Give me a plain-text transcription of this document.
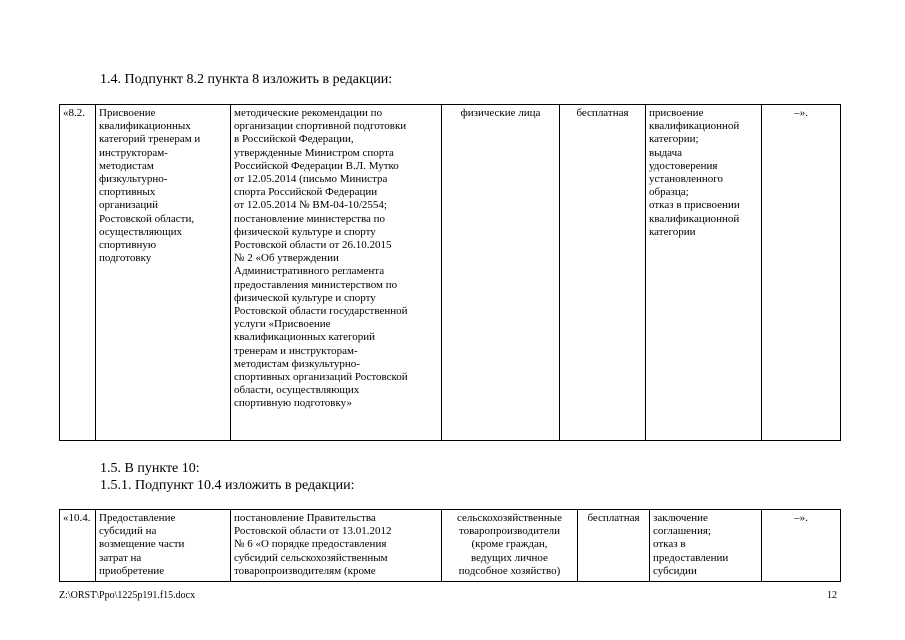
1.4. Подпункт 8.2 пункта 8 изложить в редакции:
«8.2.	Присвоение
квалификационных
категорий тренерам и
инструкторам-
методистам
физкультурно-
спортивных
организаций
Ростовской области,
осуществляющих
спортивную
подготовку	методические рекомендации по
организации спортивной подготовки
в Российской Федерации,
утвержденные Министром спорта
Российской Федерации В.Л. Мутко
от 12.05.2014 (письмо Министра
спорта Российской Федерации
от 12.05.2014 № ВМ-04-10/2554;
постановление министерства по
физической культуре и спорту
Ростовской области от 26.10.2015
№ 2 «Об утверждении
Административного регламента
предоставления министерством по
физической культуре и спорту
Ростовской области государственной
услуги «Присвоение
квалификационных категорий
тренерам и инструкторам-
методистам физкультурно-
спортивных организаций Ростовской
области, осуществляющих
спортивную подготовку»	физические лица	бесплатная	присвоение
квалификационной
категории;
выдача
удостоверения
установленного
образца;
отказ в присвоении
квалификационной
категории	–».
1.5. В пункте 10:
1.5.1. Подпункт 10.4 изложить в редакции:
«10.4.	Предоставление
субсидий на
возмещение части
затрат на
приобретение	постановление Правительства
Ростовской области от 13.01.2012
№ 6 «О порядке предоставления
субсидий сельскохозяйственным
товаропроизводителям (кроме	сельскохозяйственные
товаропроизводители
(кроме граждан,
ведущих личное
подсобное хозяйство)	бесплатная	заключение
соглашения;
отказ в
предоставлении
субсидии	–».
Z:\ORST\Ppo\1225p191.f15.docx	12
